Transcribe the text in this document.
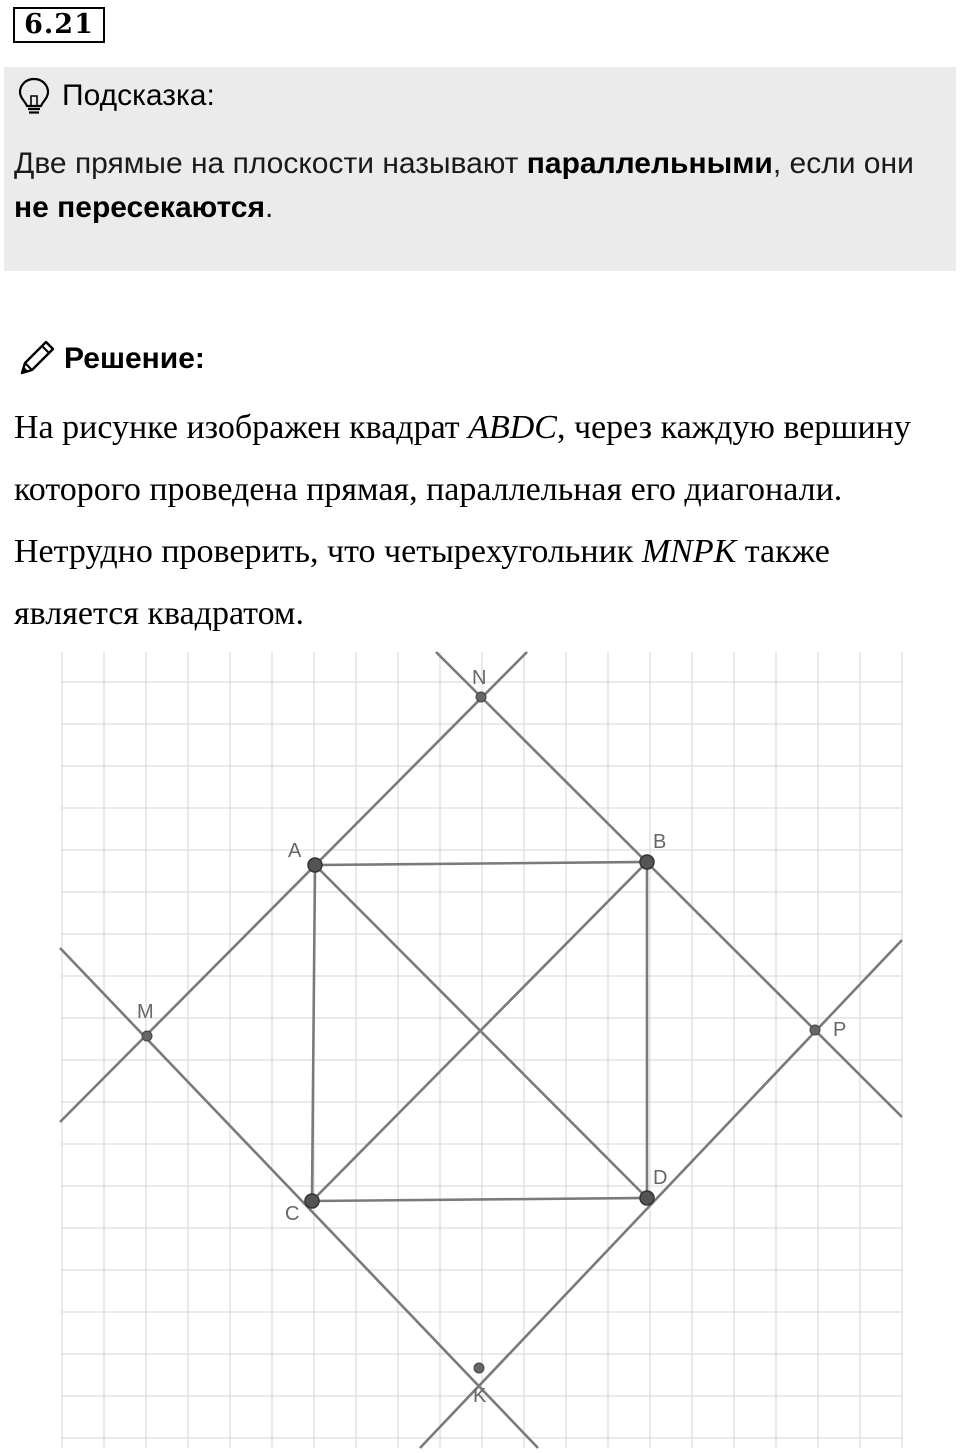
6.21
Подсказка:
Две прямые на плоскости называют параллельными, если они не пересекаются.
Решение:
На рисунке изображен квадрат ABDC, через каждую вершину которого проведена прямая, параллельная его диагонали. Нетрудно проверить, что четырехугольник MNPK также является квадратом.
A	B
C
D
M
N
P
K
